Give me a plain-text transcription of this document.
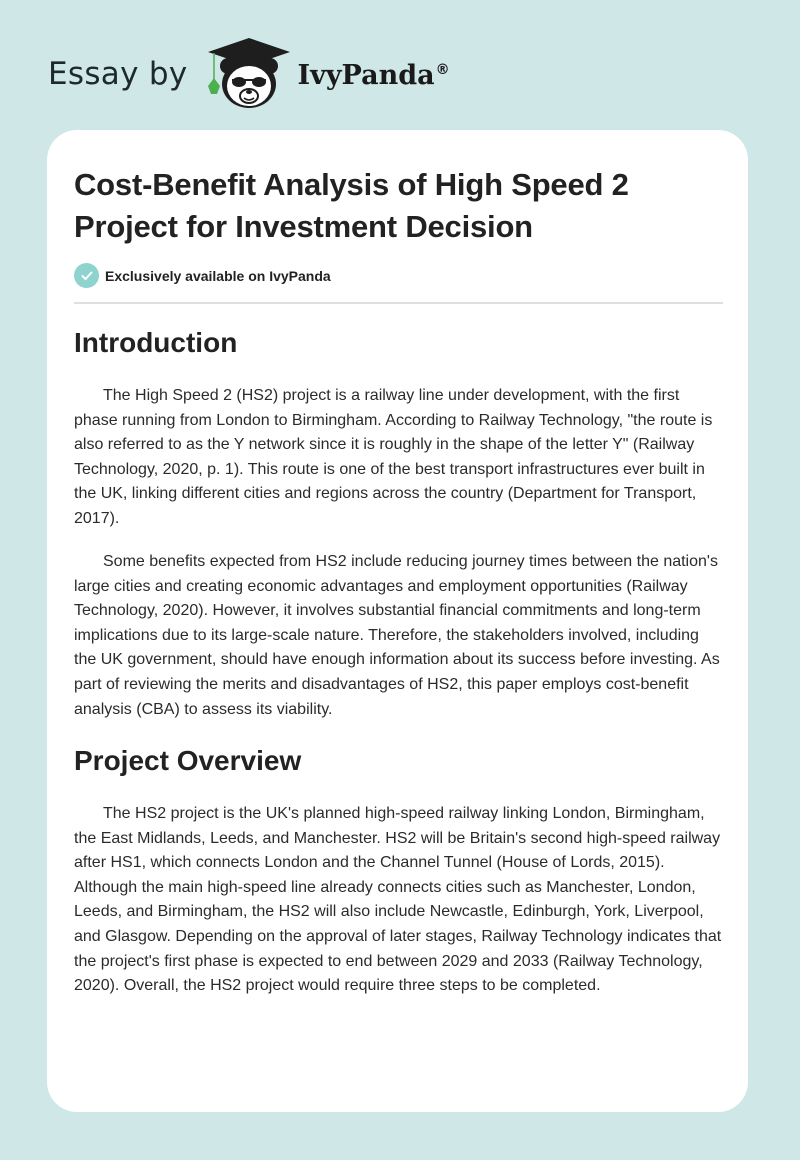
Essay by	IvyPanda®
Cost-Benefit Analysis of High Speed 2 Project for Investment Decision
Exclusively available on IvyPanda
Introduction

The High Speed 2 (HS2) project is a railway line under development, with the first phase running from London to Birmingham. According to Railway Technology, "the route is also referred to as the Y network since it is roughly in the shape of the letter Y" (Railway Technology, 2020, p. 1). This route is one of the best transport infrastructures ever built in the UK, linking different cities and regions across the country (Department for Transport, 2017).

Some benefits expected from HS2 include reducing journey times between the nation's large cities and creating economic advantages and employment opportunities (Railway Technology, 2020). However, it involves substantial financial commitments and long-term implications due to its large-scale nature. Therefore, the stakeholders involved, including the UK government, should have enough information about its success before investing. As part of reviewing the merits and disadvantages of HS2, this paper employs cost-benefit analysis (CBA) to assess its viability.

Project Overview

The HS2 project is the UK's planned high-speed railway linking London, Birmingham, the East Midlands, Leeds, and Manchester. HS2 will be Britain's second high-speed railway after HS1, which connects London and the Channel Tunnel (House of Lords, 2015). Although the main high-speed line already connects cities such as Manchester, London, Leeds, and Birmingham, the HS2 will also include Newcastle, Edinburgh, York, Liverpool, and Glasgow. Depending on the approval of later stages, Railway Technology indicates that the project's first phase is expected to end between 2029 and 2033 (Railway Technology, 2020). Overall, the HS2 project would require three steps to be completed.
